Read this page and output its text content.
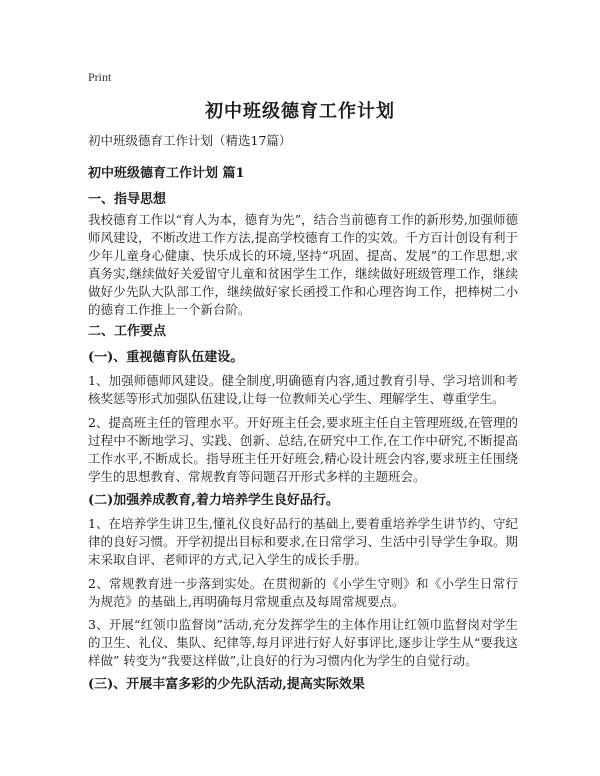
Print
初中班级德育工作计划
初中班级德育工作计划（精选17篇）
初中班级德育工作计划 篇1
一、指导思想
我校德育工作以“育人为本，德育为先”，结合当前德育工作的新形势,加强师德师风建设，不断改进工作方法,提高学校德育工作的实效。千方百计创设有利于少年儿童身心健康、快乐成长的环境,坚持“巩固、提高、发展”的工作思想,求真务实,继续做好关爱留守儿童和贫困学生工作，继续做好班级管理工作，继续做好少先队大队部工作，继续做好家长函授工作和心理咨询工作，把棒树二小的德育工作推上一个新台阶。
二、工作要点
(一)、重视德育队伍建设。
1、加强师德师风建设。健全制度,明确德育内容,通过教育引导、学习培训和考核奖惩等形式加强队伍建设,让每一位教师关心学生、理解学生、尊重学生。
2、提高班主任的管理水平。开好班主任会,要求班主任自主管理班级,在管理的过程中不断地学习、实践、创新、总结,在研究中工作,在工作中研究,不断提高工作水平,不断成长。指导班主任开好班会,精心设计班会内容,要求班主任围绕学生的思想教育、常规教育等问题召开形式多样的主题班会。
(二)加强养成教育,着力培养学生良好品行。
1、在培养学生讲卫生,懂礼仪良好品行的基础上,要着重培养学生讲节约、守纪律的良好习惯。开学初提出目标和要求,在日常学习、生活中引导学生争取。期末采取自评、老师评的方式,记入学生的成长手册。
2、常规教育进一步落到实处。在贯彻新的《小学生守则》和《小学生日常行为规范》的基础上,再明确每月常规重点及每周常规要点。
3、开展“红领巾监督岗”活动,充分发挥学生的主体作用让红领巾监督岗对学生的卫生、礼仪、集队、纪律等,每月评进行好人好事评比,逐步让学生从“要我这样做” 转变为“我要这样做”,让良好的行为习惯内化为学生的自觉行动。
(三)、开展丰富多彩的少先队活动,提高实际效果
